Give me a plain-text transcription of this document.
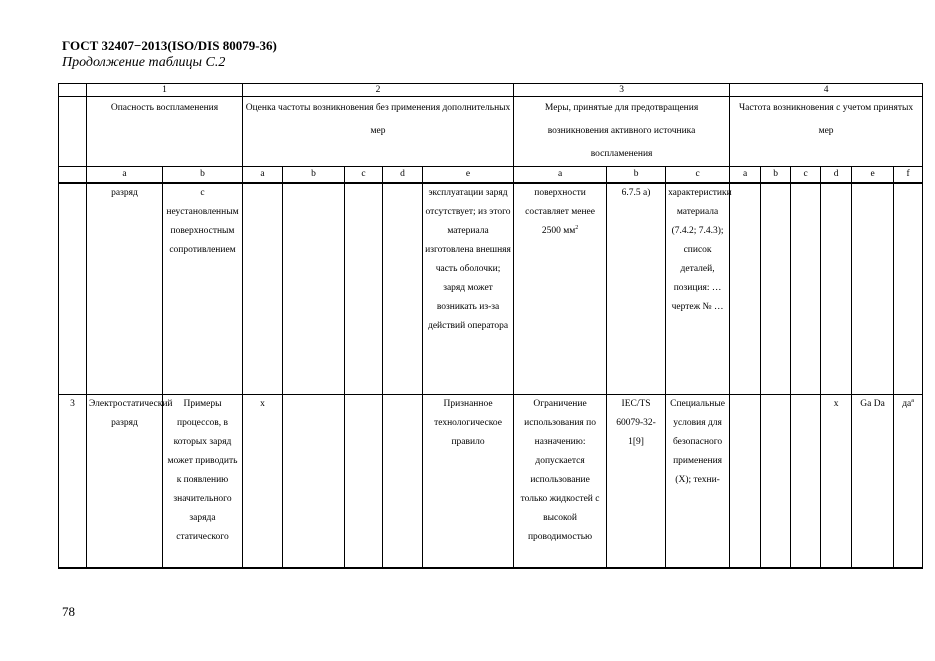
ГОСТ 32407−2013(ISO/DIS 80079-36)
Продолжение таблицы С.2
	1		2					3			4					
	Опасность воспламенения		Оценка частоты возникновения без применения дополнительных мер					Меры, принятые для предотвращения возникновения активного источника воспламенения			Частота возникновения с учетом принятых мер					
	a	b	a	b	c	d	e	a	b	c	a	b	c	d	e	f
	разряд	с неустановленным поверхностным сопротивлением					эксплуатации заряд отсутствует; из этого материала изготовлена внешняя часть оболочки; заряд может возникать из-за действий оператора	поверхности составляет менее 2500 $мм^2$	6.7.5 а)	характеристики материала (7.4.2; 7.4.3); список деталей, позиция: … чертеж № …						
3	Электростатический разряд	Примеры процессов, в которых заряд может приводить к появлению значительного заряда статического	х				Признанное технологическое правило	Ограничение использования по назначению: допускается использование только жидкостей с высокой проводимостью	IEC/TS 60079-32-1[9]	Специальные условия для безопасного применения (Х); техни-				х	Ga Da	$да^а$
78
